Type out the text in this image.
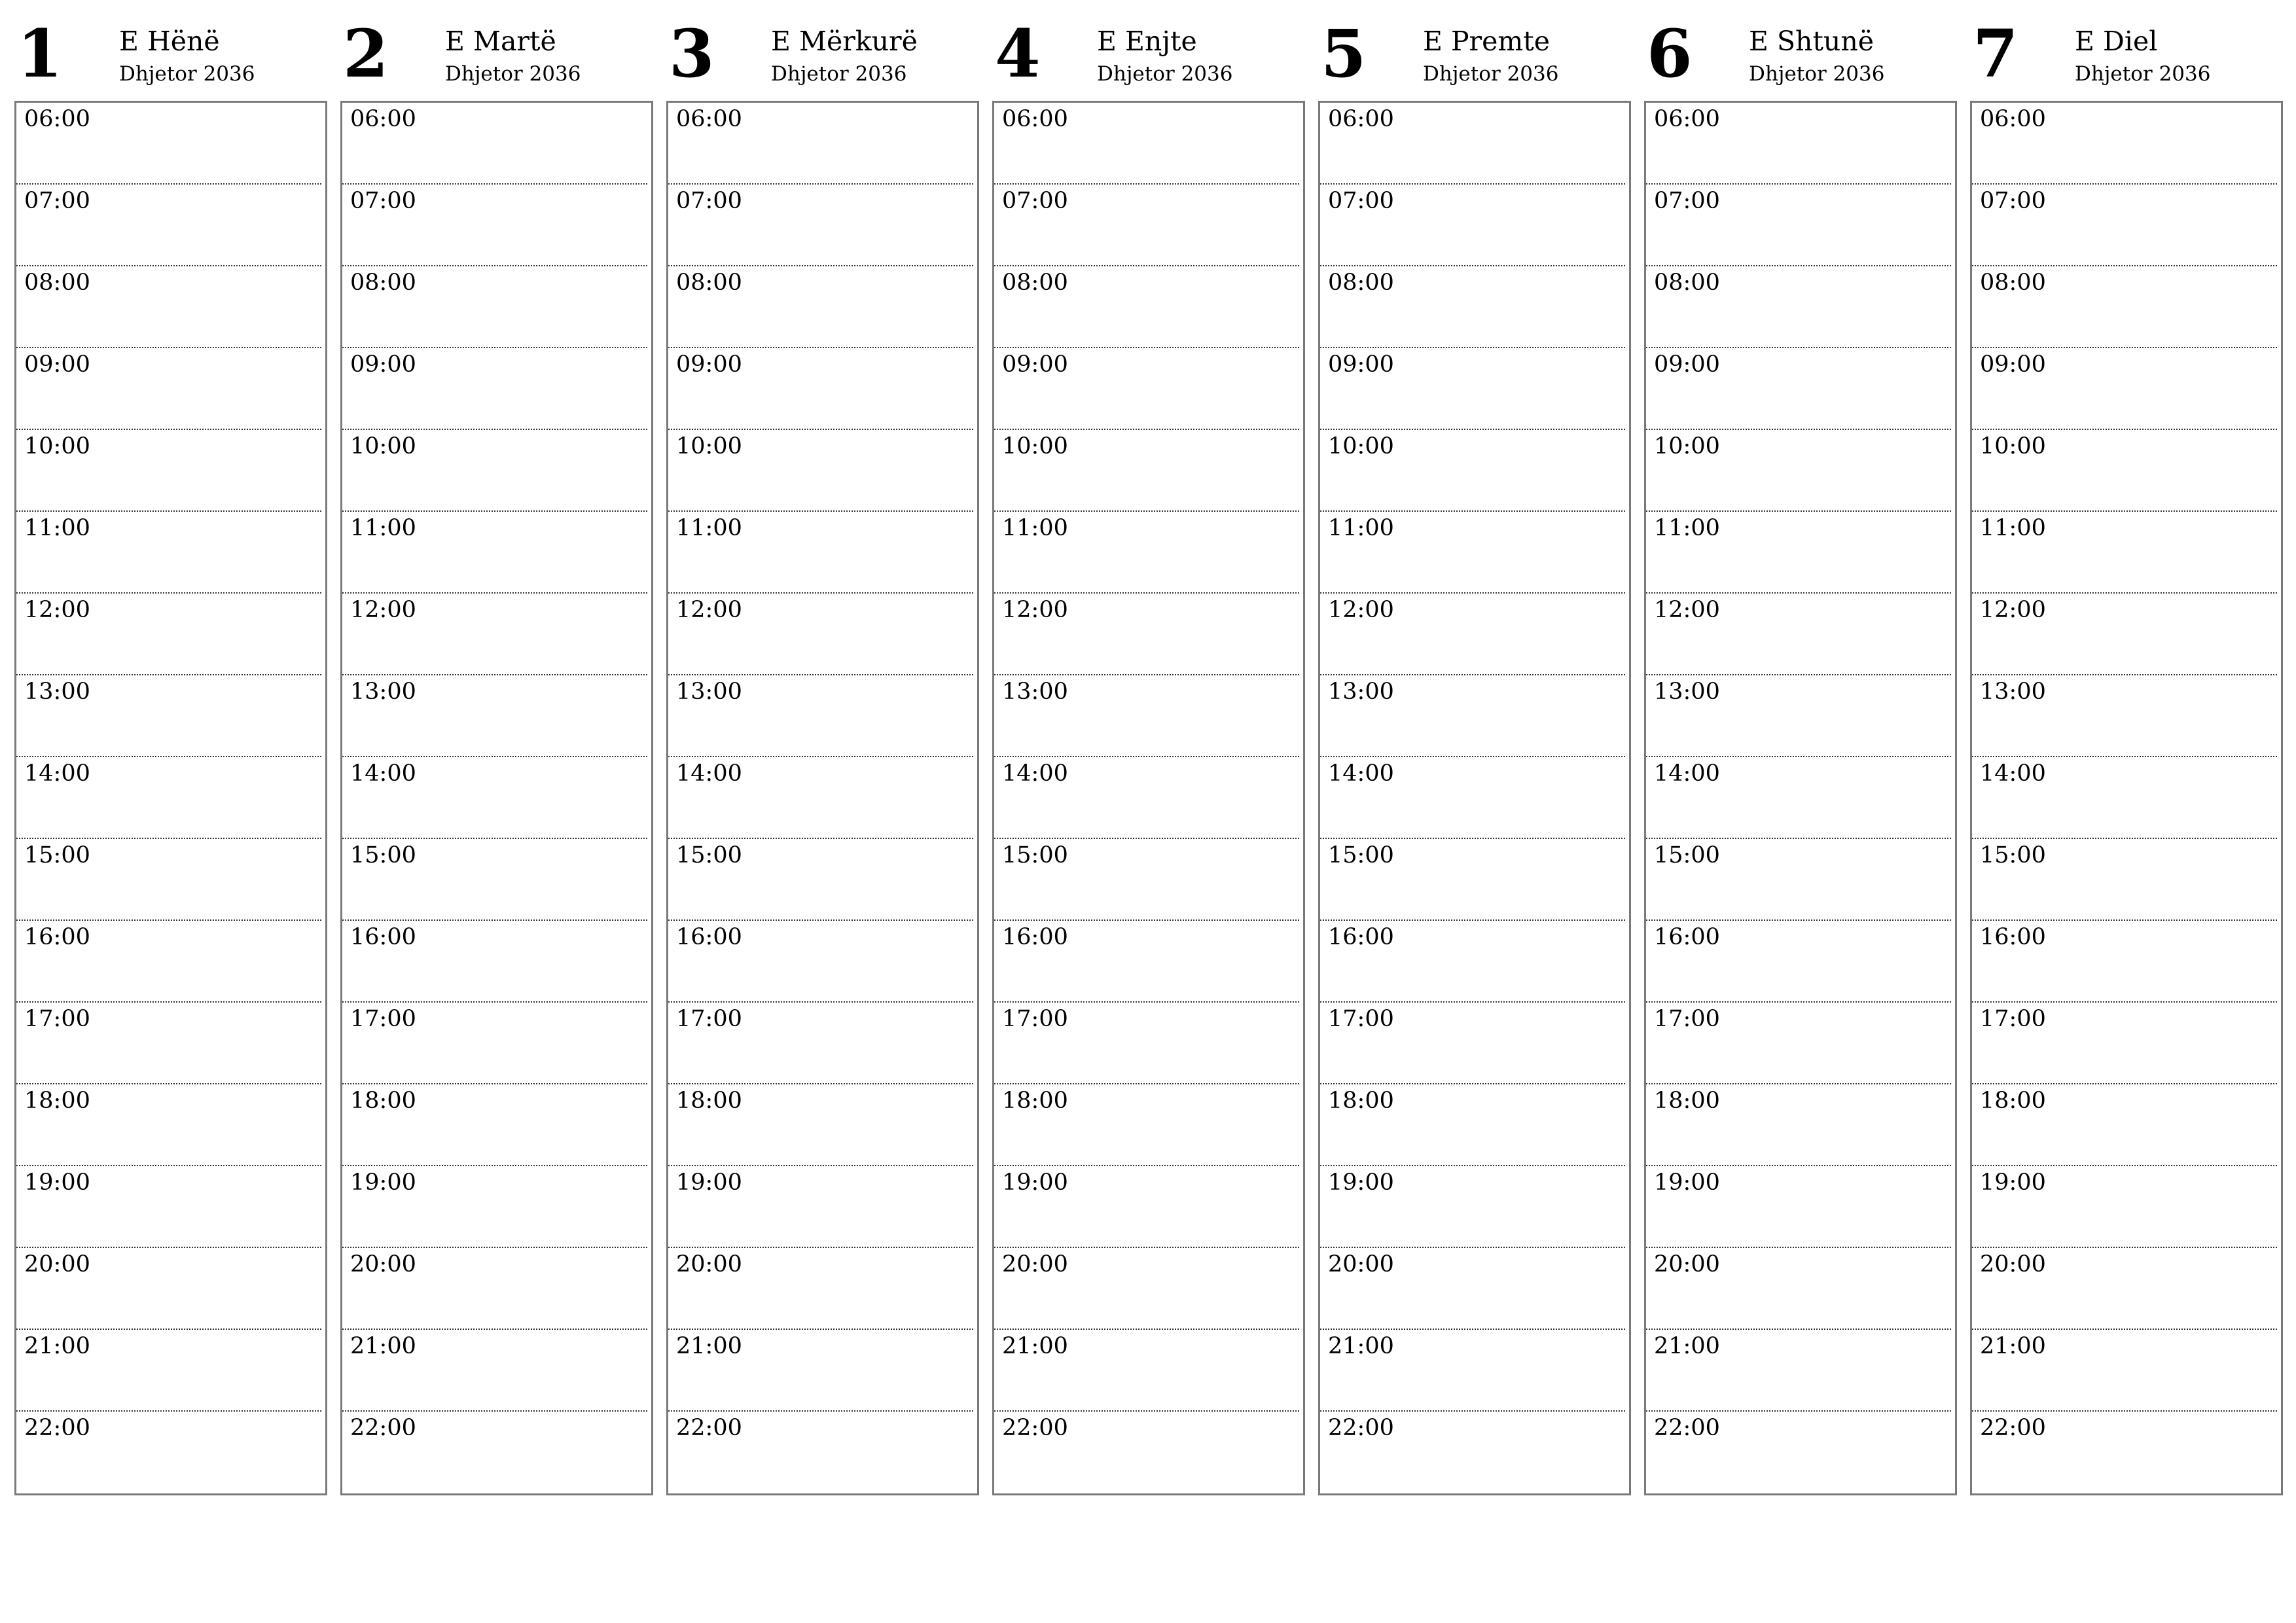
1 E Hënë
Dhjetor 2036
06:00
07:00
08:00
09:00
10:00
11:00
12:00
13:00
14:00
15:00
16:00
17:00
18:00
19:00
20:00
21:00
22:00
2 E Martë
Dhjetor 2036
06:00
07:00
08:00
09:00
10:00
11:00
12:00
13:00
14:00
15:00
16:00
17:00
18:00
19:00
20:00
21:00
22:00
3 E Mërkurë
Dhjetor 2036
06:00
07:00
08:00
09:00
10:00
11:00
12:00
13:00
14:00
15:00
16:00
17:00
18:00
19:00
20:00
21:00
22:00
4 E Enjte
Dhjetor 2036
06:00
07:00
08:00
09:00
10:00
11:00
12:00
13:00
14:00
15:00
16:00
17:00
18:00
19:00
20:00
21:00
22:00
5 E Premte
Dhjetor 2036
06:00
07:00
08:00
09:00
10:00
11:00
12:00
13:00
14:00
15:00
16:00
17:00
18:00
19:00
20:00
21:00
22:00
6 E Shtunë
Dhjetor 2036
06:00
07:00
08:00
09:00
10:00
11:00
12:00
13:00
14:00
15:00
16:00
17:00
18:00
19:00
20:00
21:00
22:00
7 E Diel
Dhjetor 2036
06:00
07:00
08:00
09:00
10:00
11:00
12:00
13:00
14:00
15:00
16:00
17:00
18:00
19:00
20:00
21:00
22:00
